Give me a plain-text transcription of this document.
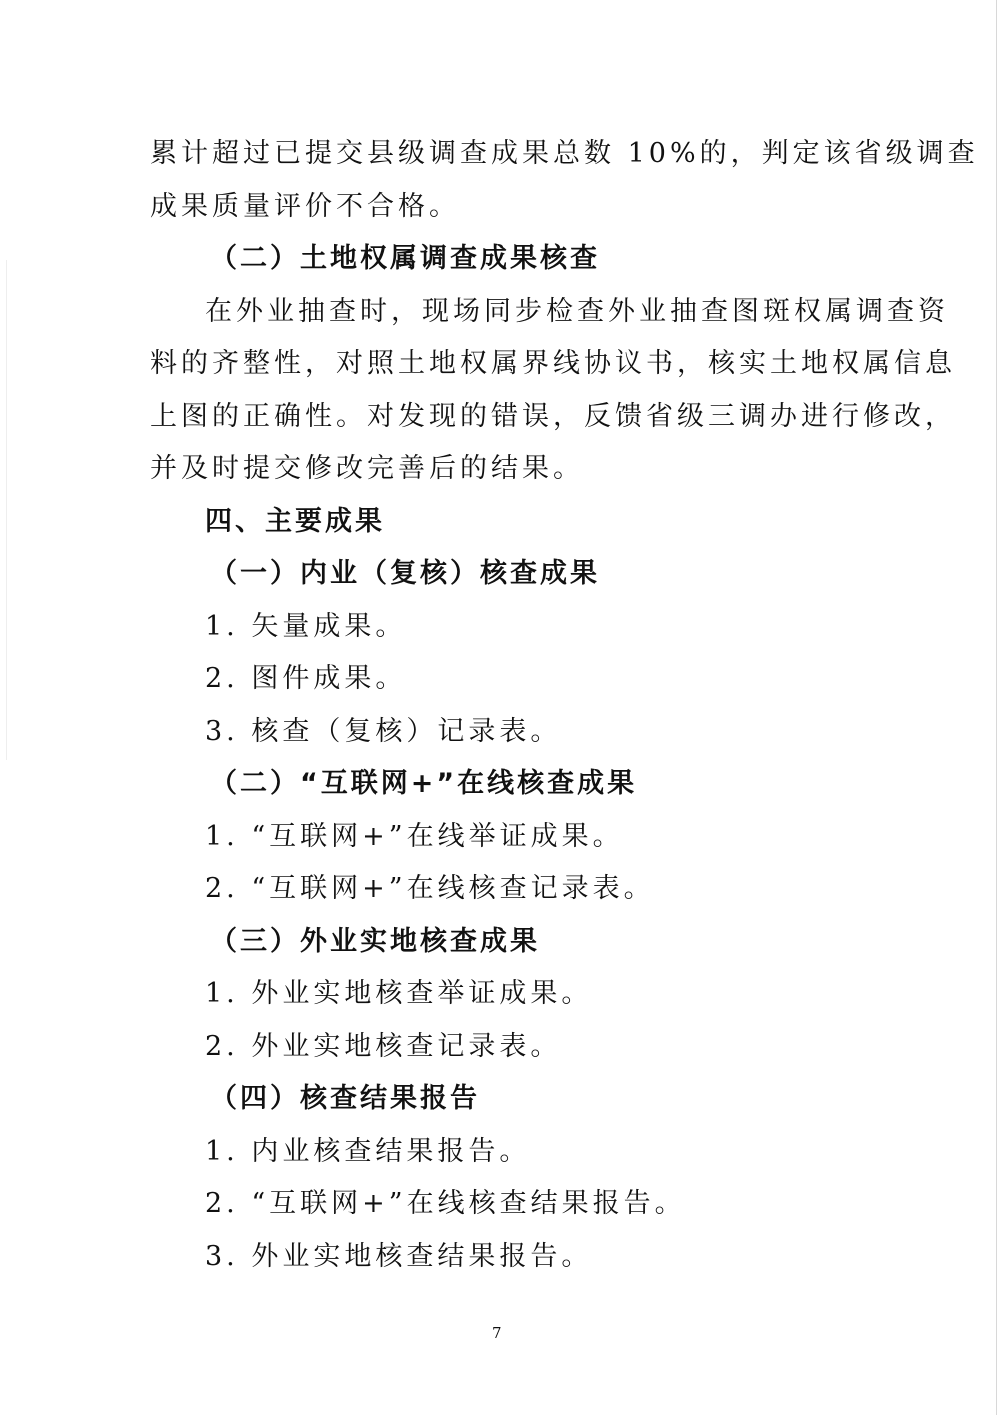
累计超过已提交县级调查成果总数 10%的，判定该省级调查
成果质量评价不合格。
（二）土地权属调查成果核查
在外业抽查时，现场同步检查外业抽查图斑权属调查资
料的齐整性，对照土地权属界线协议书，核实土地权属信息
上图的正确性。对发现的错误，反馈省级三调办进行修改，
并及时提交修改完善后的结果。
四、主要成果
（一）内业（复核）核查成果
1. 矢量成果。
2. 图件成果。
3. 核查（复核）记录表。
（二）“互联网+”在线核查成果
1. “互联网+”在线举证成果。
2. “互联网+”在线核查记录表。
（三）外业实地核查成果
1. 外业实地核查举证成果。
2. 外业实地核查记录表。
（四）核查结果报告
1. 内业核查结果报告。
2. “互联网+”在线核查结果报告。
3. 外业实地核查结果报告。
7
